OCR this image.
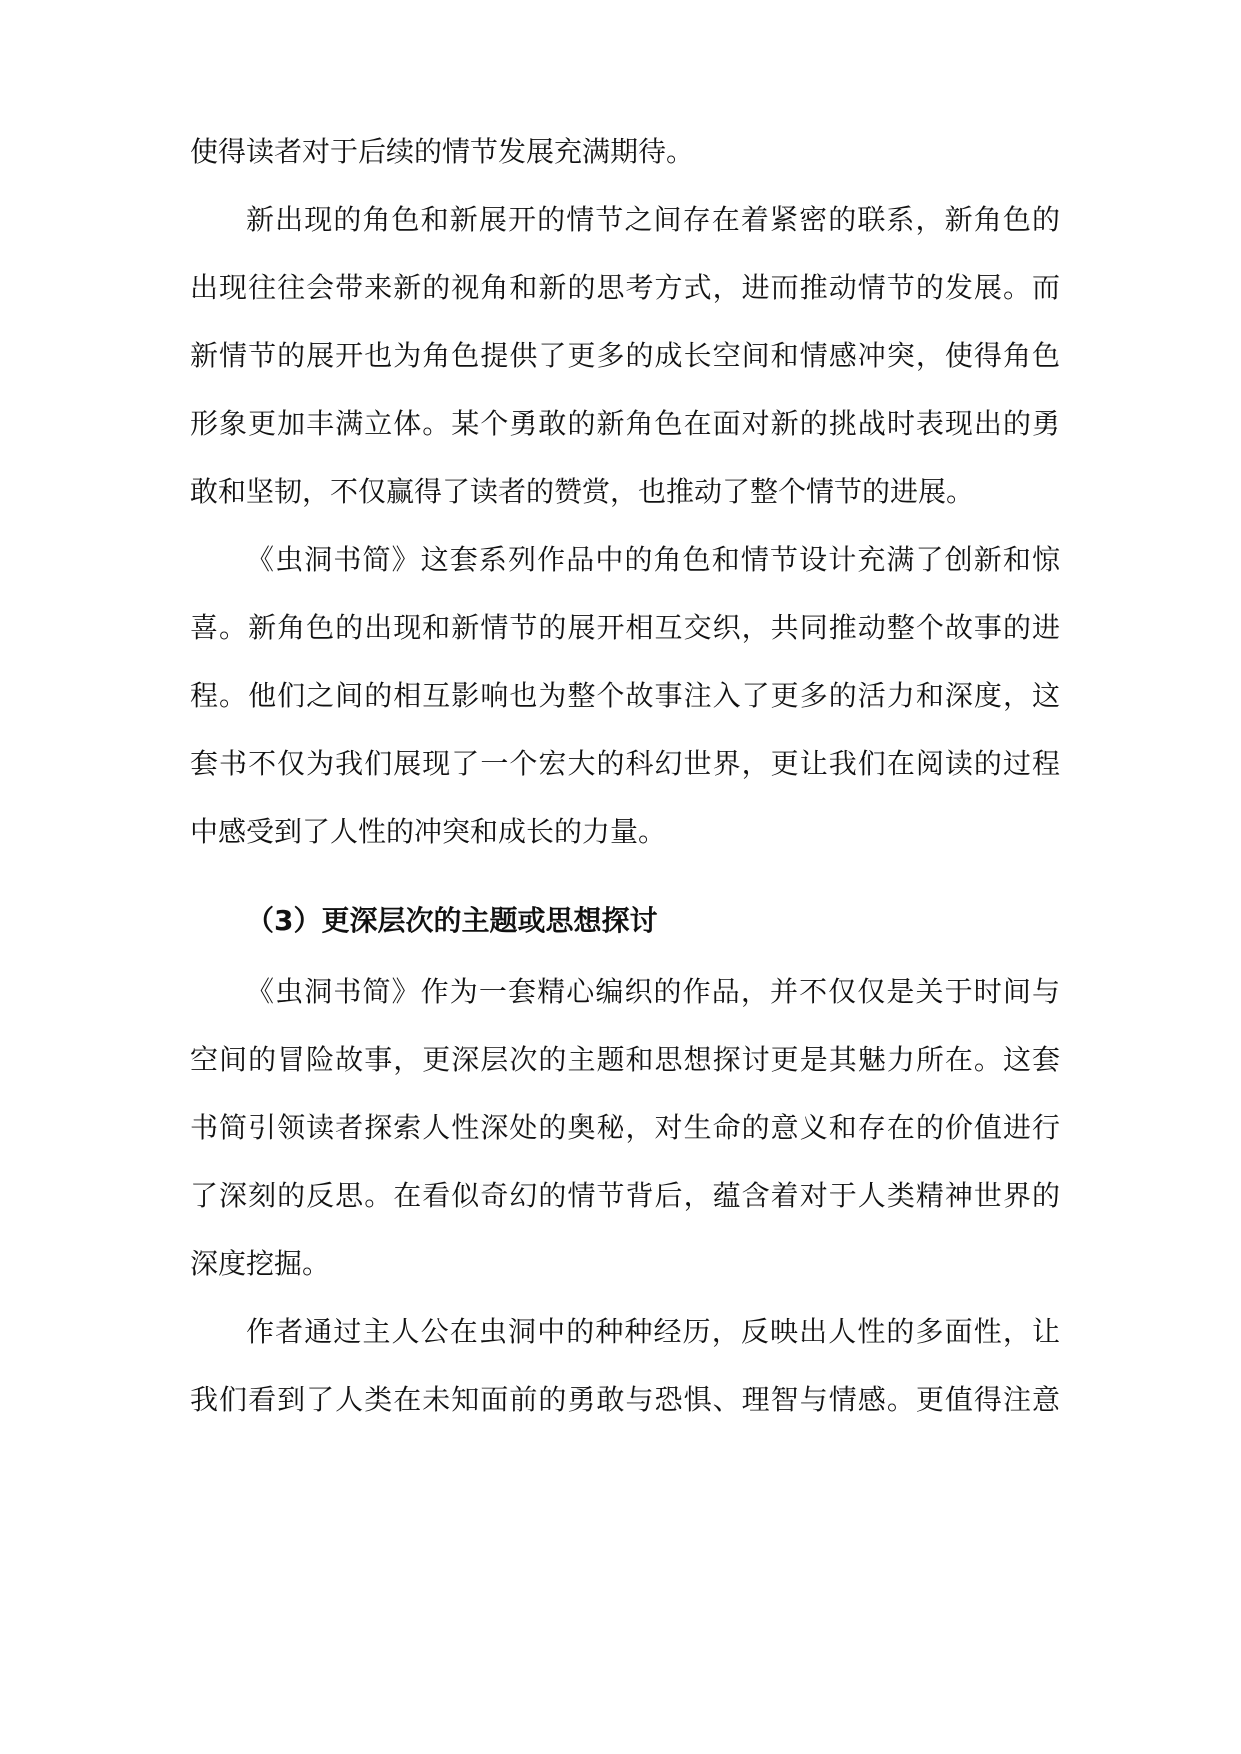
使得读者对于后续的情节发展充满期待。
新出现的角色和新展开的情节之间存在着紧密的联系，新角色的
出现往往会带来新的视角和新的思考方式，进而推动情节的发展。而
新情节的展开也为角色提供了更多的成长空间和情感冲突，使得角色
形象更加丰满立体。某个勇敢的新角色在面对新的挑战时表现出的勇
敢和坚韧，不仅赢得了读者的赞赏，也推动了整个情节的进展。
《虫洞书简》这套系列作品中的角色和情节设计充满了创新和惊
喜。新角色的出现和新情节的展开相互交织，共同推动整个故事的进
程。他们之间的相互影响也为整个故事注入了更多的活力和深度，这
套书不仅为我们展现了一个宏大的科幻世界，更让我们在阅读的过程
中感受到了人性的冲突和成长的力量。
（3）更深层次的主题或思想探讨
《虫洞书简》作为一套精心编织的作品，并不仅仅是关于时间与
空间的冒险故事，更深层次的主题和思想探讨更是其魅力所在。这套
书简引领读者探索人性深处的奥秘，对生命的意义和存在的价值进行
了深刻的反思。在看似奇幻的情节背后，蕴含着对于人类精神世界的
深度挖掘。
作者通过主人公在虫洞中的种种经历，反映出人性的多面性，让
我们看到了人类在未知面前的勇敢与恐惧、理智与情感。更值得注意
